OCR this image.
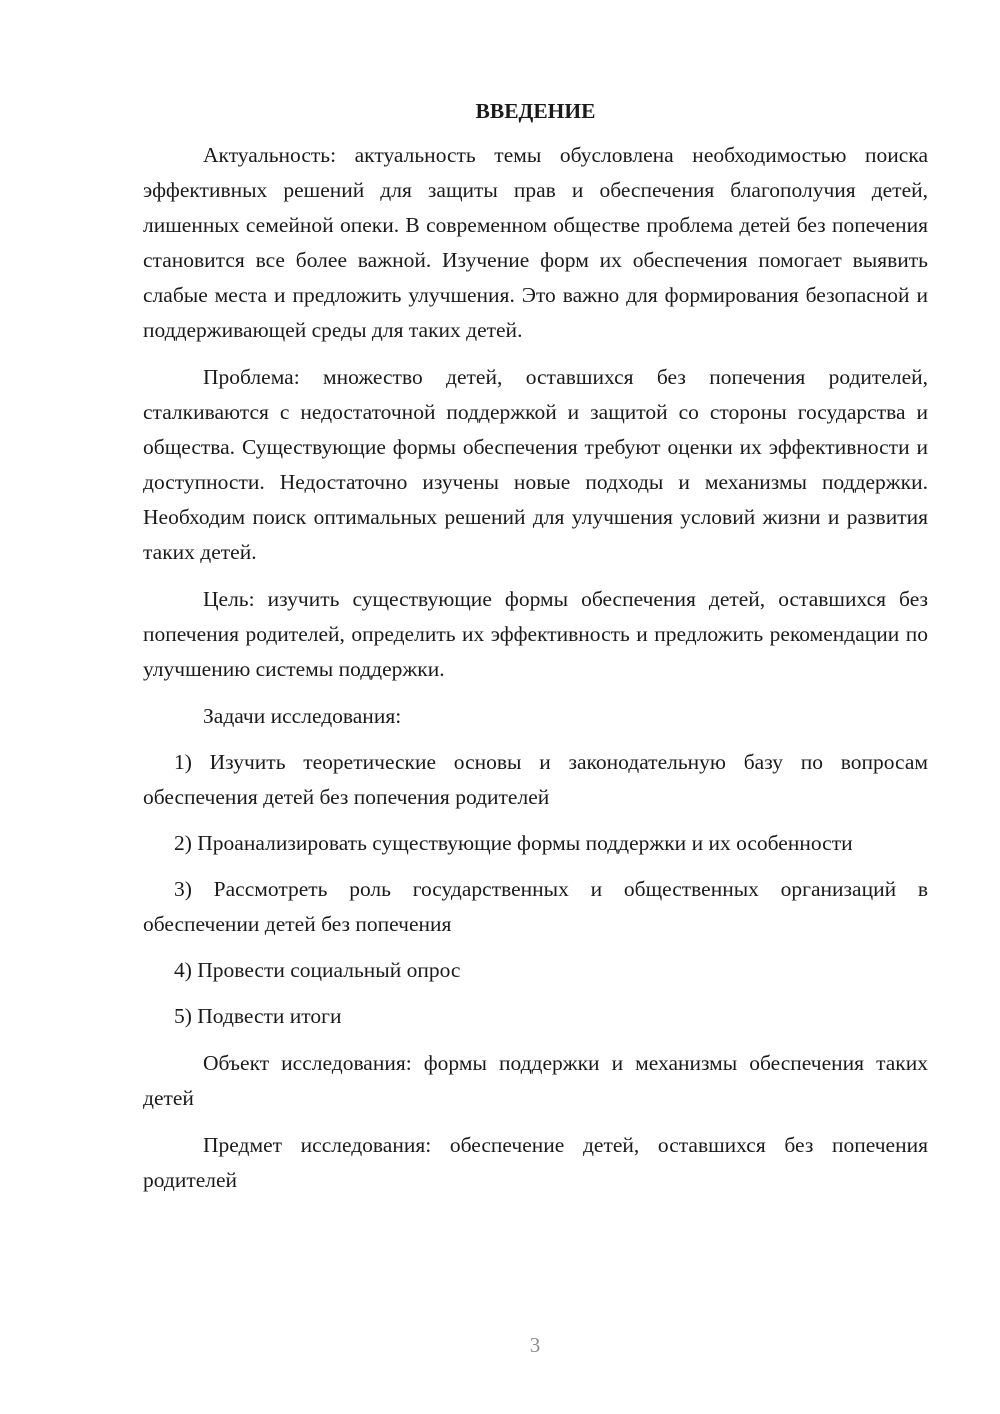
ВВЕДЕНИЕ

Актуальность: актуальность темы обусловлена необходимостью поиска эффективных решений для защиты прав и обеспечения благополучия детей, лишенных семейной опеки. В современном обществе проблема детей без попечения становится все более важной. Изучение форм их обеспечения помогает выявить слабые места и предложить улучшения. Это важно для формирования безопасной и поддерживающей среды для таких детей.

Проблема: множество детей, оставшихся без попечения родителей, сталкиваются с недостаточной поддержкой и защитой со стороны государства и общества. Существующие формы обеспечения требуют оценки их эффективности и доступности. Недостаточно изучены новые подходы и механизмы поддержки. Необходим поиск оптимальных решений для улучшения условий жизни и развития таких детей.

Цель: изучить существующие формы обеспечения детей, оставшихся без попечения родителей, определить их эффективность и предложить рекомендации по улучшению системы поддержки.

Задачи исследования:

1) Изучить теоретические основы и законодательную базу по вопросам обеспечения детей без попечения родителей

2) Проанализировать существующие формы поддержки и их особенности

3) Рассмотреть роль государственных и общественных организаций в обеспечении детей без попечения

4) Провести социальный опрос

5) Подвести итоги

Объект исследования: формы поддержки и механизмы обеспечения таких детей

Предмет исследования: обеспечение детей, оставшихся без попечения родителей

3
